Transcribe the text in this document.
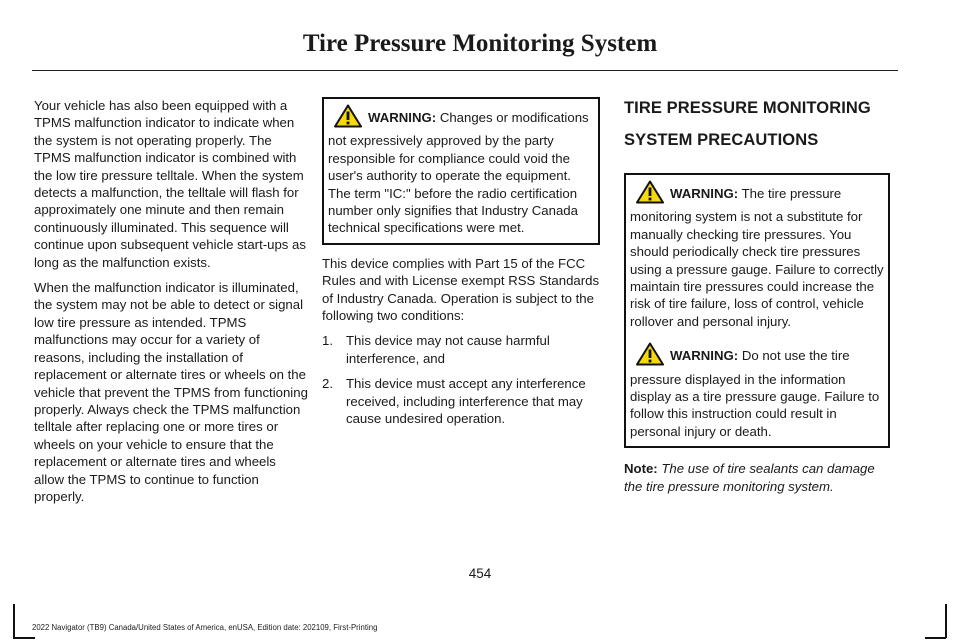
Tire Pressure Monitoring System

Your vehicle has also been equipped with a TPMS malfunction indicator to indicate when the system is not operating properly. The TPMS malfunction indicator is combined with the low tire pressure telltale. When the system detects a malfunction, the telltale will flash for approximately one minute and then remain continuously illuminated. This sequence will continue upon subsequent vehicle start-ups as long as the malfunction exists.

When the malfunction indicator is illuminated, the system may not be able to detect or signal low tire pressure as intended. TPMS malfunctions may occur for a variety of reasons, including the installation of replacement or alternate tires or wheels on the vehicle that prevent the TPMS from functioning properly. Always check the TPMS malfunction telltale after replacing one or more tires or wheels on your vehicle to ensure that the replacement or alternate tires and wheels allow the TPMS to continue to function properly.

WARNING: Changes or modifications not expressively approved by the party responsible for compliance could void the user's authority to operate the equipment. The term "IC:" before the radio certification number only signifies that Industry Canada technical specifications were met.

This device complies with Part 15 of the FCC Rules and with License exempt RSS Standards of Industry Canada. Operation is subject to the following two conditions:

1. This device may not cause harmful interference, and
2. This device must accept any interference received, including interference that may cause undesired operation.
TIRE PRESSURE MONITORING
SYSTEM PRECAUTIONS

WARNING: The tire pressure monitoring system is not a substitute for manually checking tire pressures. You should periodically check tire pressures using a pressure gauge. Failure to correctly maintain tire pressures could increase the risk of tire failure, loss of control, vehicle rollover and personal injury.

WARNING: Do not use the tire pressure displayed in the information display as a tire pressure gauge. Failure to follow this instruction could result in personal injury or death.

Note: The use of tire sealants can damage the tire pressure monitoring system.

454
2022 Navigator (TB9) Canada/United States of America, enUSA, Edition date: 202109, First-Printing
